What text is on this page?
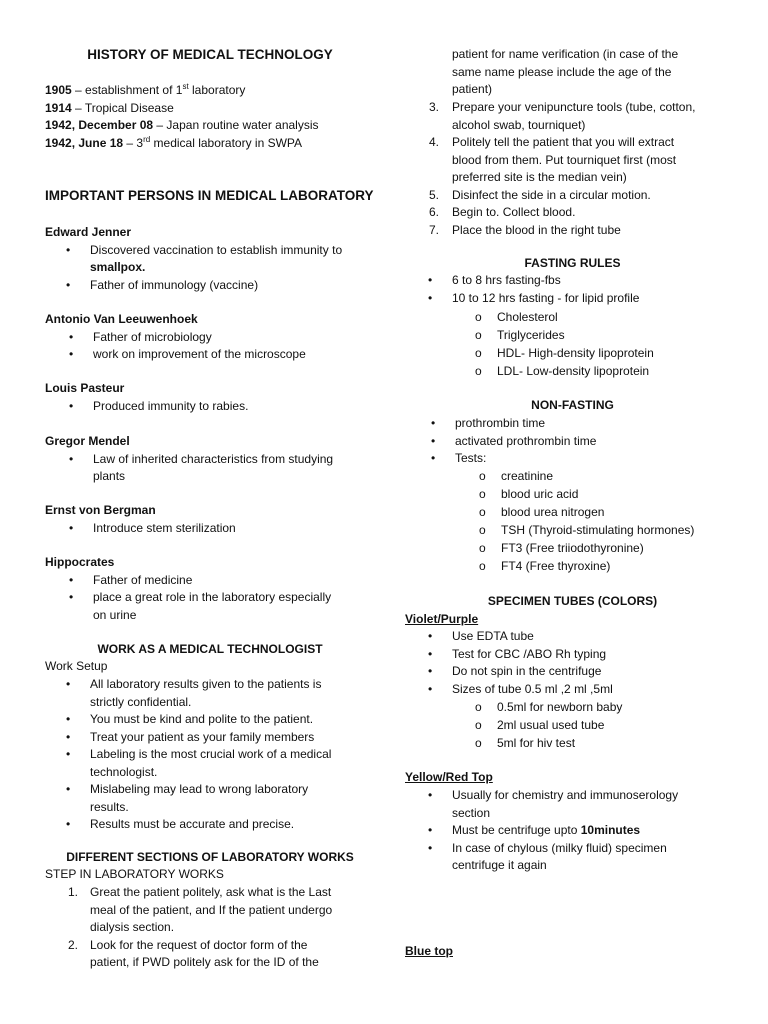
HISTORY OF MEDICAL TECHNOLOGY
1905 – establishment of 1st laboratory
1914 – Tropical Disease
1942, December 08 – Japan routine water analysis
1942, June 18 – 3rd medical laboratory in SWPA
IMPORTANT PERSONS IN MEDICAL LABORATORY
Edward Jenner
• Discovered vaccination to establish immunity to
smallpox.
• Father of immunology (vaccine)
Antonio Van Leeuwenhoek
• Father of microbiology
• work on improvement of the microscope
Louis Pasteur
• Produced immunity to rabies.
Gregor Mendel
• Law of inherited characteristics from studying
plants
Ernst von Bergman
• Introduce stem sterilization
Hippocrates
• Father of medicine
• place a great role in the laboratory especially
on urine
WORK AS A MEDICAL TECHNOLOGIST
Work Setup
• All laboratory results given to the patients is
strictly confidential.
• You must be kind and polite to the patient.
• Treat your patient as your family members
• Labeling is the most crucial work of a medical
technologist.
• Mislabeling may lead to wrong laboratory
results.
• Results must be accurate and precise.
DIFFERENT SECTIONS OF LABORATORY WORKS
STEP IN LABORATORY WORKS
1. Great the patient politely, ask what is the Last
meal of the patient, and If the patient undergo
dialysis section.
2. Look for the request of doctor form of the
patient, if PWD politely ask for the ID of the
patient for name verification (in case of the
same name please include the age of the
patient)
3. Prepare your venipuncture tools (tube, cotton,
alcohol swab, tourniquet)
4. Politely tell the patient that you will extract
blood from them. Put tourniquet first (most
preferred site is the median vein)
5. Disinfect the side in a circular motion.
6. Begin to. Collect blood.
7. Place the blood in the right tube
FASTING RULES
• 6 to 8 hrs fasting-fbs
• 10 to 12 hrs fasting - for lipid profile
o Cholesterol
o Triglycerides
o HDL- High-density lipoprotein
o LDL- Low-density lipoprotein
NON-FASTING
• prothrombin time
• activated prothrombin time
• Tests:
o creatinine
o blood uric acid
o blood urea nitrogen
o TSH (Thyroid-stimulating hormones)
o FT3 (Free triiodothyronine)
o FT4 (Free thyroxine)
SPECIMEN TUBES (COLORS)
Violet/Purple
• Use EDTA tube
• Test for CBC /ABO Rh typing
• Do not spin in the centrifuge
• Sizes of tube 0.5 ml ,2 ml ,5ml
o 0.5ml for newborn baby
o 2ml usual used tube
o 5ml for hiv test
Yellow/Red Top
• Usually for chemistry and immunoserology
section
• Must be centrifuge upto 10minutes
• In case of chylous (milky fluid) specimen
centrifuge it again
Blue top
